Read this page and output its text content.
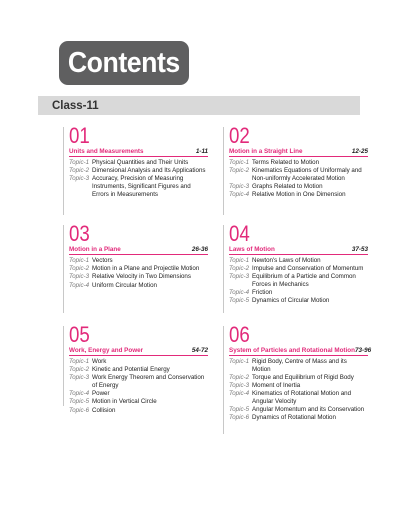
Contents
Class-11
01
Units and Measurements	1-11
Topic-1 Physical Quantities and Their Units
Topic-2 Dimensional Analysis and Its Applications
Topic-3 Accuracy, Precision of Measuring Instruments, Significant Figures and Errors in Measurements
02
Motion in a Straight Line	12-25
Topic-1 Terms Related to Motion
Topic-2 Kinematics Equations of Uniformaly and Non-uniformly Accelerated Motion
Topic-3 Graphs Related to Motion
Topic-4 Relative Motion in One Dimension
03
Motion in a Plane	26-36
Topic-1 Vectors
Topic-2 Motion in a Plane and Projectile Motion
Topic-3 Relative Velocity in Two Dimensions
Topic-4 Uniform Circular Motion
04
Laws of Motion	37-53
Topic-1 Newton's Laws of Motion
Topic-2 Impulse and Conservation of Momentum
Topic-3 Equilibrium of a Particle and Common Forces in Mechanics
Topic-4 Friction
Topic-5 Dynamics of Circular Motion
05
Work, Energy and Power	54-72
Topic-1 Work
Topic-2 Kinetic and Potential Energy
Topic-3 Work Energy Theorem and Conservation of Energy
Topic-4 Power
Topic-5 Motion in Vertical Circle
Topic-6 Collision
06
System of Particles and Rotational Motion 73-96
Topic-1 Rigid Body, Centre of Mass and its Motion
Topic-2 Torque and Equilibrium of Rigid Body
Topic-3 Moment of Inertia
Topic-4 Kinematics of Rotational Motion and Angular Velocity
Topic-5 Angular Momentum and its Conservation
Topic-6 Dynamics of Rotational Motion
